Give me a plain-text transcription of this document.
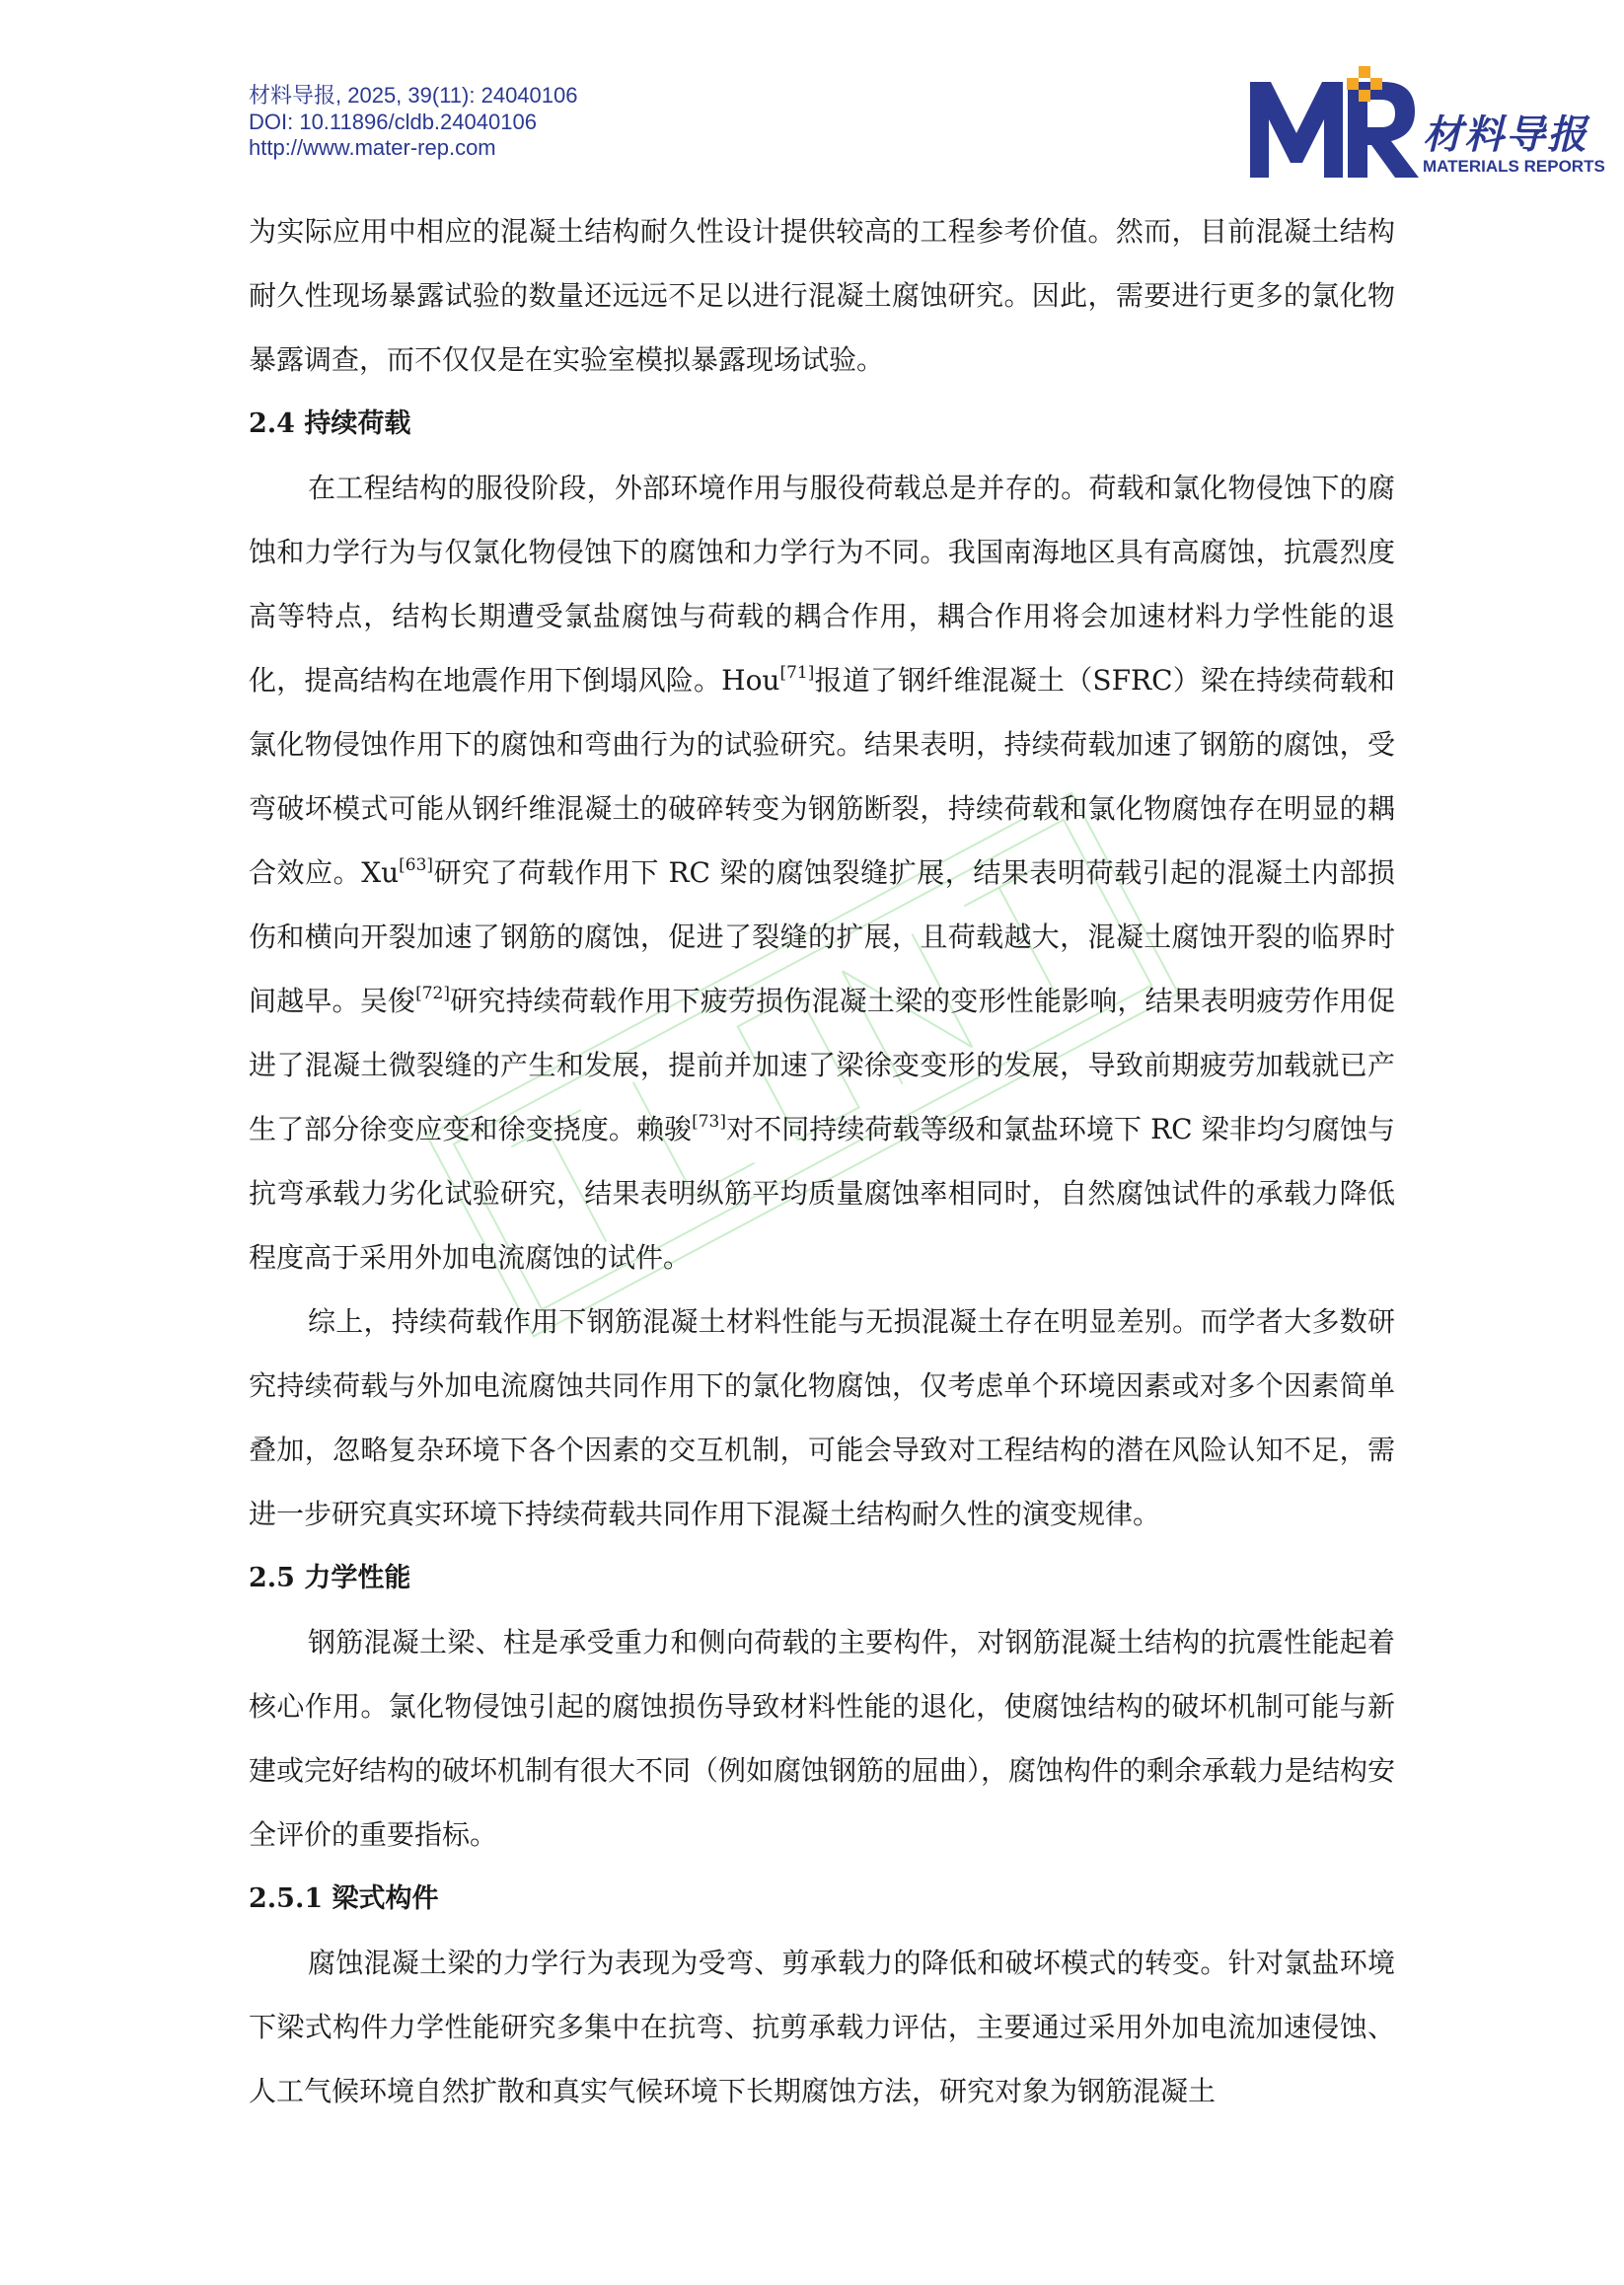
材料导报, 2025, 39(11): 24040106
DOI: 10.11896/cldb.24040106
http://www.mater-rep.com	材料导报
MATERIALS REPORTS

为实际应用中相应的混凝土结构耐久性设计提供较高的工程参考价值。然而，目前混凝土结构耐久性现场暴露试验的数量还远远不足以进行混凝土腐蚀研究。因此，需要进行更多的氯化物暴露调查，而不仅仅是在实验室模拟暴露现场试验。

2.4 持续荷载

在工程结构的服役阶段，外部环境作用与服役荷载总是并存的。荷载和氯化物侵蚀下的腐蚀和力学行为与仅氯化物侵蚀下的腐蚀和力学行为不同。我国南海地区具有高腐蚀，抗震烈度高等特点，结构长期遭受氯盐腐蚀与荷载的耦合作用，耦合作用将会加速材料力学性能的退化，提高结构在地震作用下倒塌风险。Hou[71]报道了钢纤维混凝土（SFRC）梁在持续荷载和氯化物侵蚀作用下的腐蚀和弯曲行为的试验研究。结果表明，持续荷载加速了钢筋的腐蚀，受弯破坏模式可能从钢纤维混凝土的破碎转变为钢筋断裂，持续荷载和氯化物腐蚀存在明显的耦合效应。Xu[63]研究了荷载作用下 RC 梁的腐蚀裂缝扩展，结果表明荷载引起的混凝土内部损伤和横向开裂加速了钢筋的腐蚀，促进了裂缝的扩展，且荷载越大，混凝土腐蚀开裂的临界时间越早。吴俊[72]研究持续荷载作用下疲劳损伤混凝土梁的变形性能影响，结果表明疲劳作用促进了混凝土微裂缝的产生和发展，提前并加速了梁徐变变形的发展，导致前期疲劳加载就已产生了部分徐变应变和徐变挠度。赖骏[73]对不同持续荷载等级和氯盐环境下 RC 梁非均匀腐蚀与抗弯承载力劣化试验研究，结果表明纵筋平均质量腐蚀率相同时，自然腐蚀试件的承载力降低程度高于采用外加电流腐蚀的试件。

综上，持续荷载作用下钢筋混凝土材料性能与无损混凝土存在明显差别。而学者大多数研究持续荷载与外加电流腐蚀共同作用下的氯化物腐蚀，仅考虑单个环境因素或对多个因素简单叠加，忽略复杂环境下各个因素的交互机制，可能会导致对工程结构的潜在风险认知不足，需进一步研究真实环境下持续荷载共同作用下混凝土结构耐久性的演变规律。

2.5 力学性能

钢筋混凝土梁、柱是承受重力和侧向荷载的主要构件，对钢筋混凝土结构的抗震性能起着核心作用。氯化物侵蚀引起的腐蚀损伤导致材料性能的退化，使腐蚀结构的破坏机制可能与新建或完好结构的破坏机制有很大不同（例如腐蚀钢筋的屈曲），腐蚀构件的剩余承载力是结构安全评价的重要指标。

2.5.1 梁式构件

腐蚀混凝土梁的力学行为表现为受弯、剪承载力的降低和破坏模式的转变。针对氯盐环境下梁式构件力学性能研究多集中在抗弯、抗剪承载力评估，主要通过采用外加电流加速侵蚀、人工气候环境自然扩散和真实气候环境下长期腐蚀方法，研究对象为钢筋混凝土
